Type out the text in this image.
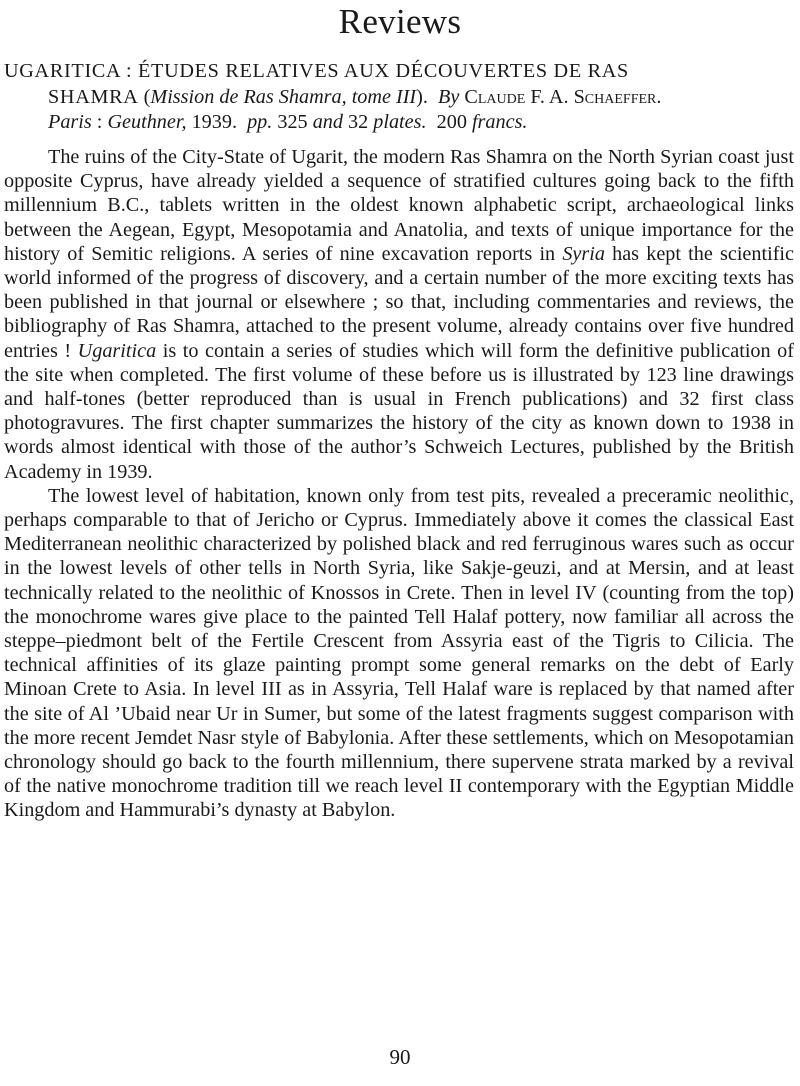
Reviews
UGARITICA : ÉTUDES RELATIVES AUX DÉCOUVERTES DE RAS
SHAMRA (Mission de Ras Shamra, tome III).  By Claude F. A. Schaeffer.
Paris : Geuthner, 1939. pp. 325 and 32 plates. 200 francs.

The ruins of the City-State of Ugarit, the modern Ras Shamra on the North Syrian coast just opposite Cyprus, have already yielded a sequence of stratified cultures going back to the fifth millennium B.C., tablets written in the oldest known alphabetic script, archaeological links between the Aegean, Egypt, Mesopotamia and Anatolia, and texts of unique importance for the history of Semitic religions. A series of nine excavation reports in Syria has kept the scientific world informed of the progress of discovery, and a certain number of the more exciting texts has been published in that journal or elsewhere ; so that, including commentaries and reviews, the bibliography of Ras Shamra, attached to the present volume, already contains over five hundred entries ! Ugaritica is to contain a series of studies which will form the definitive publication of the site when completed. The first volume of these before us is illustrated by 123 line drawings and half-tones (better reproduced than is usual in French publications) and 32 first class photogravures. The first chapter summarizes the history of the city as known down to 1938 in words almost identical with those of the author’s Schweich Lectures, published by the British Academy in 1939.

The lowest level of habitation, known only from test pits, revealed a preceramic neolithic, perhaps comparable to that of Jericho or Cyprus. Immediately above it comes the classical East Mediterranean neolithic characterized by polished black and red ferruginous wares such as occur in the lowest levels of other tells in North Syria, like Sakje-geuzi, and at Mersin, and at least technically related to the neolithic of Knossos in Crete. Then in level IV (counting from the top) the monochrome wares give place to the painted Tell Halaf pottery, now familiar all across the steppe–piedmont belt of the Fertile Crescent from Assyria east of the Tigris to Cilicia. The technical affinities of its glaze painting prompt some general remarks on the debt of Early Minoan Crete to Asia. In level III as in Assyria, Tell Halaf ware is replaced by that named after the site of Al ’Ubaid near Ur in Sumer, but some of the latest fragments suggest comparison with the more recent Jemdet Nasr style of Babylonia. After these settlements, which on Mesopotamian chronology should go back to the fourth millennium, there supervene strata marked by a revival of the native monochrome tradition till we reach level II contemporary with the Egyptian Middle Kingdom and Hammurabi’s dynasty at Babylon.

90
